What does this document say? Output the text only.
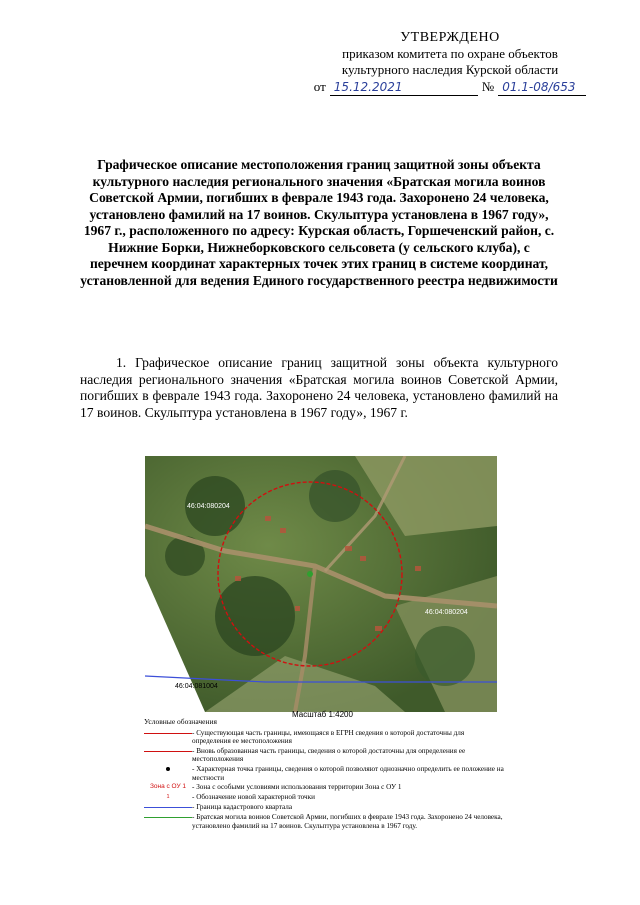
УТВЕРЖДЕНО
приказом комитета по охране объектов
культурного наследия Курской области
от 15.12.2021	№ 01.1-08/653
Графическое описание местоположения границ защитной зоны объекта культурного наследия регионального значения «Братская могила воинов Советской Армии, погибших в феврале 1943 года. Захоронено 24 человека, установлено фамилий на 17 воинов. Скульптура установлена в 1967 году», 1967 г., расположенного по адресу: Курская область, Горшеченский район, с. Нижние Борки, Нижнеборковского сельсовета (у сельского клуба), с перечнем координат характерных точек этих границ в системе координат, установленной для ведения Единого государственного реестра недвижимости
1. Графическое описание границ защитной зоны объекта культурного наследия регионального значения «Братская могила воинов Советской Армии, погибших в феврале 1943 года. Захоронено 24 человека, установлено фамилий на 17 воинов. Скульптура установлена в 1967 году», 1967 г.
46:04:080204
46:04:080204
46:04:081004
Масштаб 1:4200
Условные обозначения
- Существующая часть границы, имеющаяся в ЕГРН сведения о которой достаточны для определения ее местоположения
- Вновь образованная часть границы, сведения о которой достаточны для определения ее местоположения
- Характерная точка границы, сведения о которой позволяют однозначно определить ее положение на местности
Зона с ОУ 1 - Зона с особыми условиями использования территории Зона с ОУ 1
1	- Обозначение новой характерной точки
- Граница кадастрового квартала
- Братская могила воинов Советской Армии, погибших в феврале 1943 года. Захоронено 24 человека, установлено фамилий на 17 воинов. Скульптура установлена в 1967 году.
